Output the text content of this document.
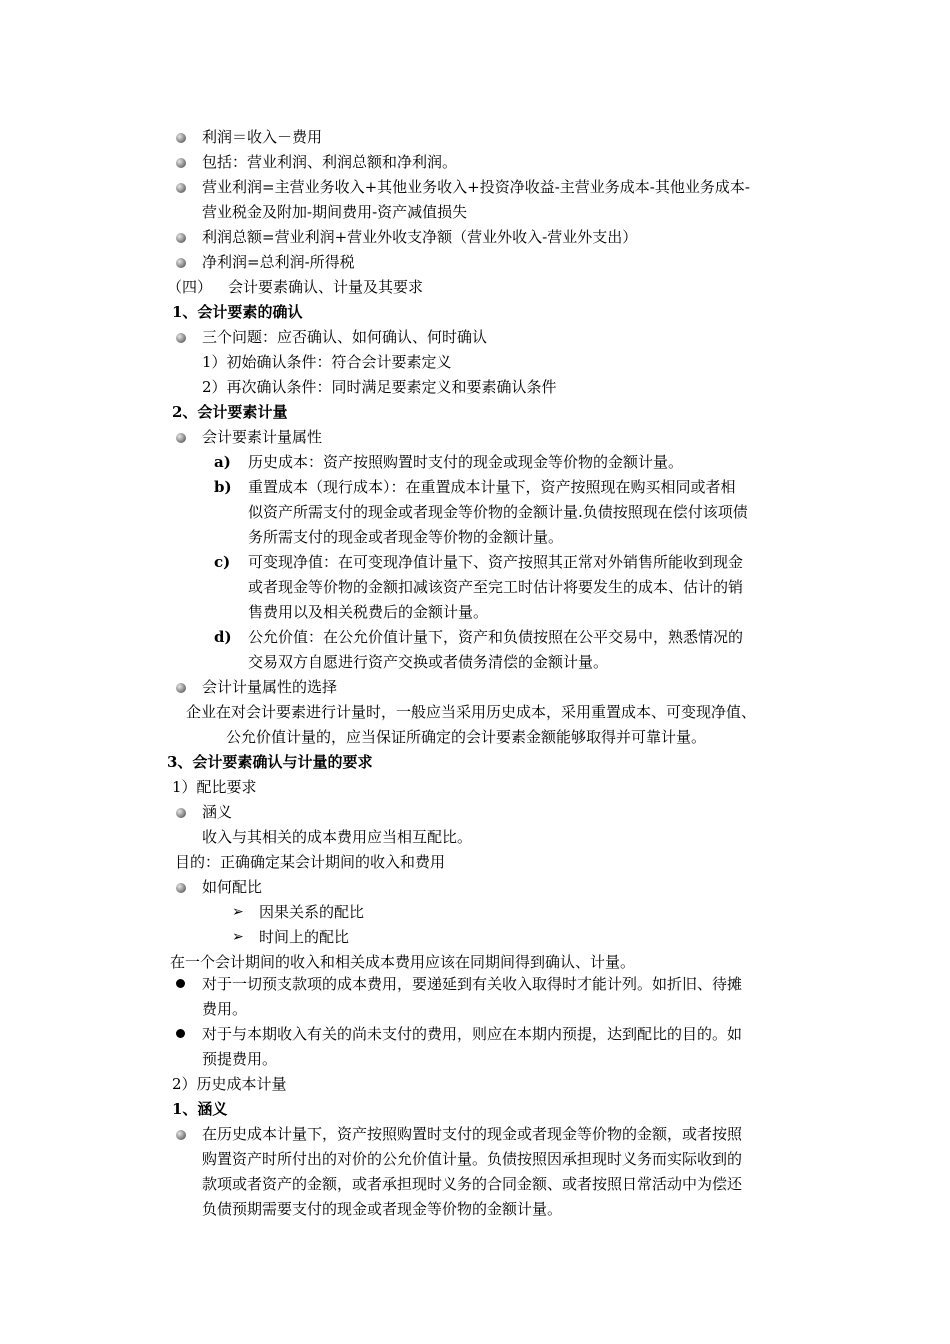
利润＝收入－费用
包括：营业利润、利润总额和净利润。
营业利润=主营业务收入+其他业务收入+投资净收益-主营业务成本-其他业务成本-
营业税金及附加-期间费用-资产减值损失
利润总额=营业利润+营业外收支净额（营业外收入-营业外支出）
净利润=总利润-所得税
（四） 会计要素确认、计量及其要求
1、会计要素的确认
三个问题：应否确认、如何确认、何时确认
1）初始确认条件：符合会计要素定义
2）再次确认条件：同时满足要素定义和要素确认条件
2、会计要素计量
会计要素计量属性
a) 历史成本：资产按照购置时支付的现金或现金等价物的金额计量。
b) 重置成本（现行成本）：在重置成本计量下，资产按照现在购买相同或者相
似资产所需支付的现金或者现金等价物的金额计量.负债按照现在偿付该项债
务所需支付的现金或者现金等价物的金额计量。
c) 可变现净值：在可变现净值计量下、资产按照其正常对外销售所能收到现金
或者现金等价物的金额扣减该资产至完工时估计将要发生的成本、估计的销
售费用以及相关税费后的金额计量。
d) 公允价值：在公允价值计量下，资产和负债按照在公平交易中，熟悉情况的
交易双方自愿进行资产交换或者债务清偿的金额计量。
会计计量属性的选择
企业在对会计要素进行计量时，一般应当采用历史成本，采用重置成本、可变现净值、
公允价值计量的，应当保证所确定的会计要素金额能够取得并可靠计量。
3、会计要素确认与计量的要求
1）配比要求
涵义
收入与其相关的成本费用应当相互配比。
目的：正确确定某会计期间的收入和费用
如何配比
➢ 因果关系的配比
➢ 时间上的配比
在一个会计期间的收入和相关成本费用应该在同期间得到确认、计量。
对于一切预支款项的成本费用，要递延到有关收入取得时才能计列。如折旧、待摊
费用。
对于与本期收入有关的尚未支付的费用，则应在本期内预提，达到配比的目的。如
预提费用。
2）历史成本计量
1、涵义
在历史成本计量下，资产按照购置时支付的现金或者现金等价物的金额，或者按照
购置资产时所付出的对价的公允价值计量。负债按照因承担现时义务而实际收到的
款项或者资产的金额，或者承担现时义务的合同金额、或者按照日常活动中为偿还
负债预期需要支付的现金或者现金等价物的金额计量。
